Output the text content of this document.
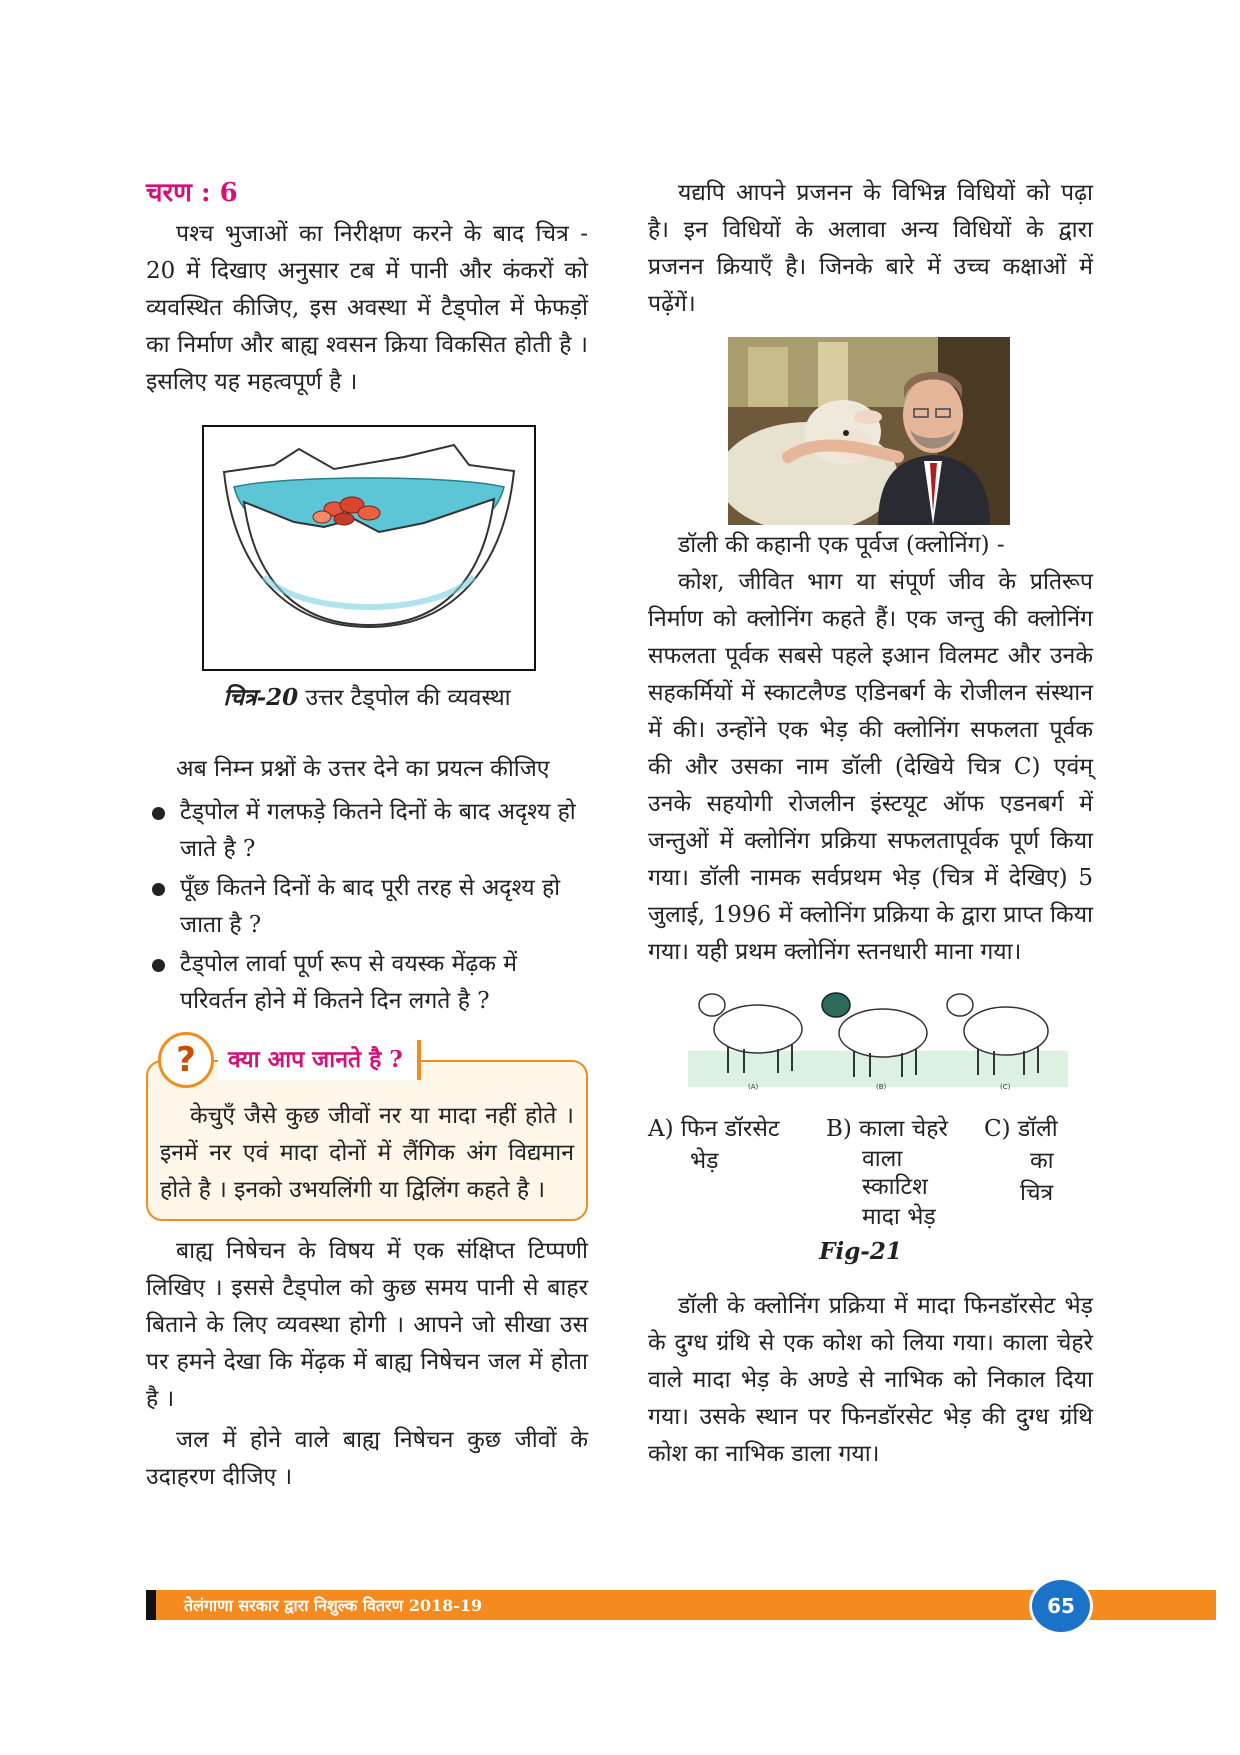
चरण : 6

पश्च भुजाओं का निरीक्षण करने के बाद चित्र - 20 में दिखाए अनुसार टब में पानी और कंकरों को व्यवस्थित कीजिए, इस अवस्था में टैड्पोल में फेफड़ों का निर्माण और बाह्य श्वसन क्रिया विकसित होती है । इसलिए यह महत्वपूर्ण है ।

चित्र-20 उत्तर टैड्पोल की व्यवस्था

अब निम्न प्रश्नों के उत्तर देने का प्रयत्न कीजिए

टैड्पोल में गलफड़े कितने दिनों के बाद अदृश्य हो जाते है ?
पूँछ कितने दिनों के बाद पूरी तरह से अदृश्य हो जाता है ?
टैड्पोल लार्वा पूर्ण रूप से वयस्क मेंढ़क में परिवर्तन होने में कितने दिन लगते है ?
?	क्या आप जानते है ?

केचुएँ जैसे कुछ जीवों नर या मादा नहीं होते । इनमें नर एवं मादा दोनों में लैंगिक अंग विद्यमान होते है । इनको उभयलिंगी या द्विलिंग कहते है ।

बाह्य निषेचन के विषय में एक संक्षिप्त टिप्पणी लिखिए । इससे टैड्पोल को कुछ समय पानी से बाहर बिताने के लिए व्यवस्था होगी । आपने जो सीखा उस पर हमने देखा कि मेंढ़क में बाह्य निषेचन जल में होता है ।

जल में होने वाले बाह्य निषेचन कुछ जीवों के उदाहरण दीजिए ।

यद्यपि आपने प्रजनन के विभिन्न विधियों को पढ़ा है। इन विधियों के अलावा अन्य विधियों के द्वारा प्रजनन क्रियाएँ है। जिनके बारे में उच्च कक्षाओं में पढ़ेंगें।

डॉली की कहानी एक पूर्वज (क्लोनिंग) -

कोश, जीवित भाग या संपूर्ण जीव के प्रतिरूप निर्माण को क्लोनिंग कहते हैं। एक जन्तु की क्लोनिंग सफलता पूर्वक सबसे पहले इआन विलमट और उनके सहकर्मियों में स्काटलैण्ड एडिनबर्ग के रोजीलन संस्थान में की। उन्होंने एक भेड़ की क्लोनिंग सफलता पूर्वक की और उसका नाम डॉली (देखिये चित्र C) एवंम् उनके सहयोगी रोजलीन इंस्टयूट ऑफ एडनबर्ग में जन्तुओं में क्लोनिंग प्रक्रिया सफलतापूर्वक पूर्ण किया गया। डॉली नामक सर्वप्रथम भेड़ (चित्र में देखिए) 5 जुलाई, 1996 में क्लोनिंग प्रक्रिया के द्वारा प्राप्त किया गया। यही प्रथम क्लोनिंग स्तनधारी माना गया।

(A)	(B)	(C)
A) फिन डॉरसेट
भेड़
B) काला चेहरे
वाला
स्काटिश
मादा भेड़
C) डॉली
का
चित्र
Fig-21

डॉली के क्लोनिंग प्रक्रिया में मादा फिनडॉरसेट भेड़ के दुग्ध ग्रंथि से एक कोश को लिया गया। काला चेहरे वाले मादा भेड़ के अण्डे से नाभिक को निकाल दिया गया। उसके स्थान पर फिनडॉरसेट भेड़ की दुग्ध ग्रंथि कोश का नाभिक डाला गया।

तेलंगाणा सरकार द्वारा निशुल्क वितरण 2018-19	65
